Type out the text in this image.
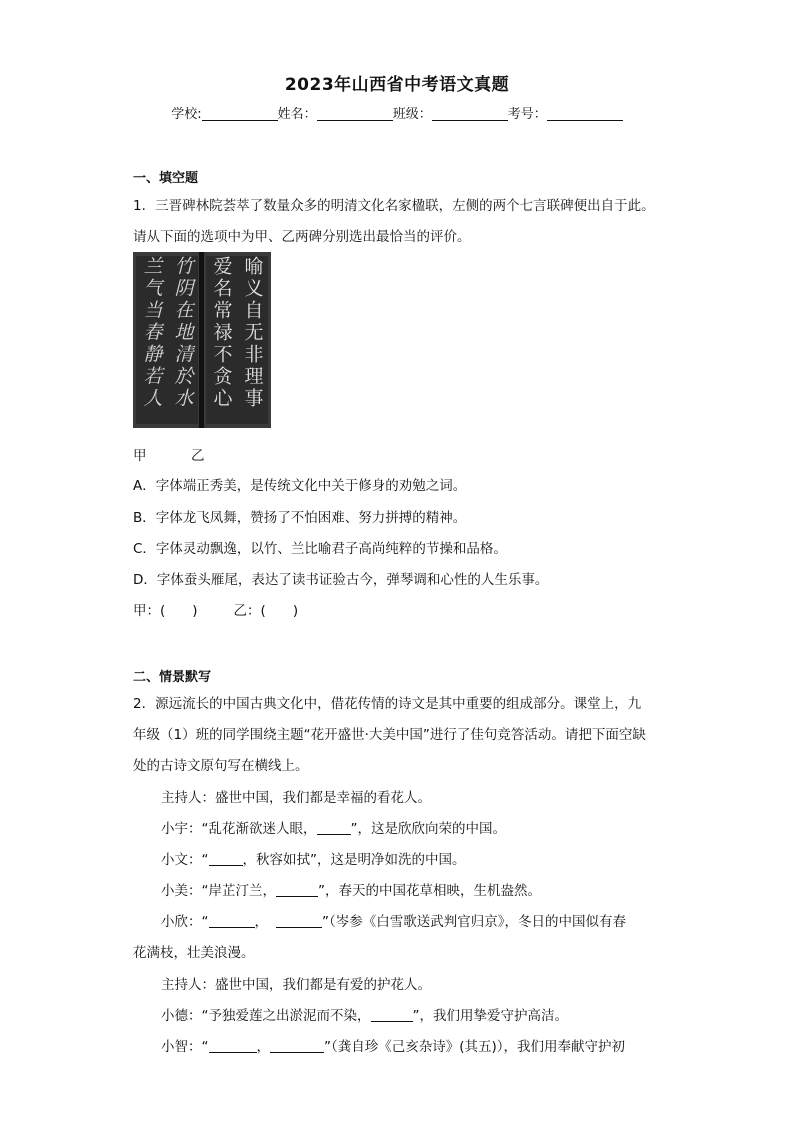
2023年山西省中考语文真题
学校:	姓名：	班级：	考号：
一、填空题
1．三晋碑林院荟萃了数量众多的明清文化名家楹联，左侧的两个七言联碑便出自于此。
请从下面的选项中为甲、乙两碑分别选出最恰当的评价。
竹阴在地清於水
兰气当春静若人	喻义自无非理事
爱名常禄不贪心
甲	乙
A．字体端正秀美，是传统文化中关于修身的劝勉之词。
B．字体龙飞凤舞，赞扬了不怕困难、努力拼搏的精神。
C．字体灵动飘逸，以竹、兰比喻君子高尚纯粹的节操和品格。
D．字体蚕头雁尾，表达了读书证验古今，弹琴调和心性的人生乐事。
甲：(　　)	乙：(　　)
二、情景默写
2．源远流长的中国古典文化中，借花传情的诗文是其中重要的组成部分。课堂上，九
年级（1）班的同学围绕主题“花开盛世·大美中国”进行了佳句竞答活动。请把下面空缺
处的古诗文原句写在横线上。
主持人：盛世中国，我们都是幸福的看花人。
小宇：“乱花渐欲迷人眼，	”，这是欣欣向荣的中国。
小文：“	，秋容如拭”，这是明净如洗的中国。
小美：“岸芷汀兰，	”，春天的中国花草相映，生机盎然。
小欣：“	，	”（岑参《白雪歌送武判官归京》，冬日的中国似有春
花满枝，壮美浪漫。
主持人：盛世中国，我们都是有爱的护花人。
小德：“予独爱莲之出淤泥而不染，	”，我们用挚爱守护高洁。
小智：“	，	”（龚自珍《己亥杂诗》(其五)），我们用奉献守护初
